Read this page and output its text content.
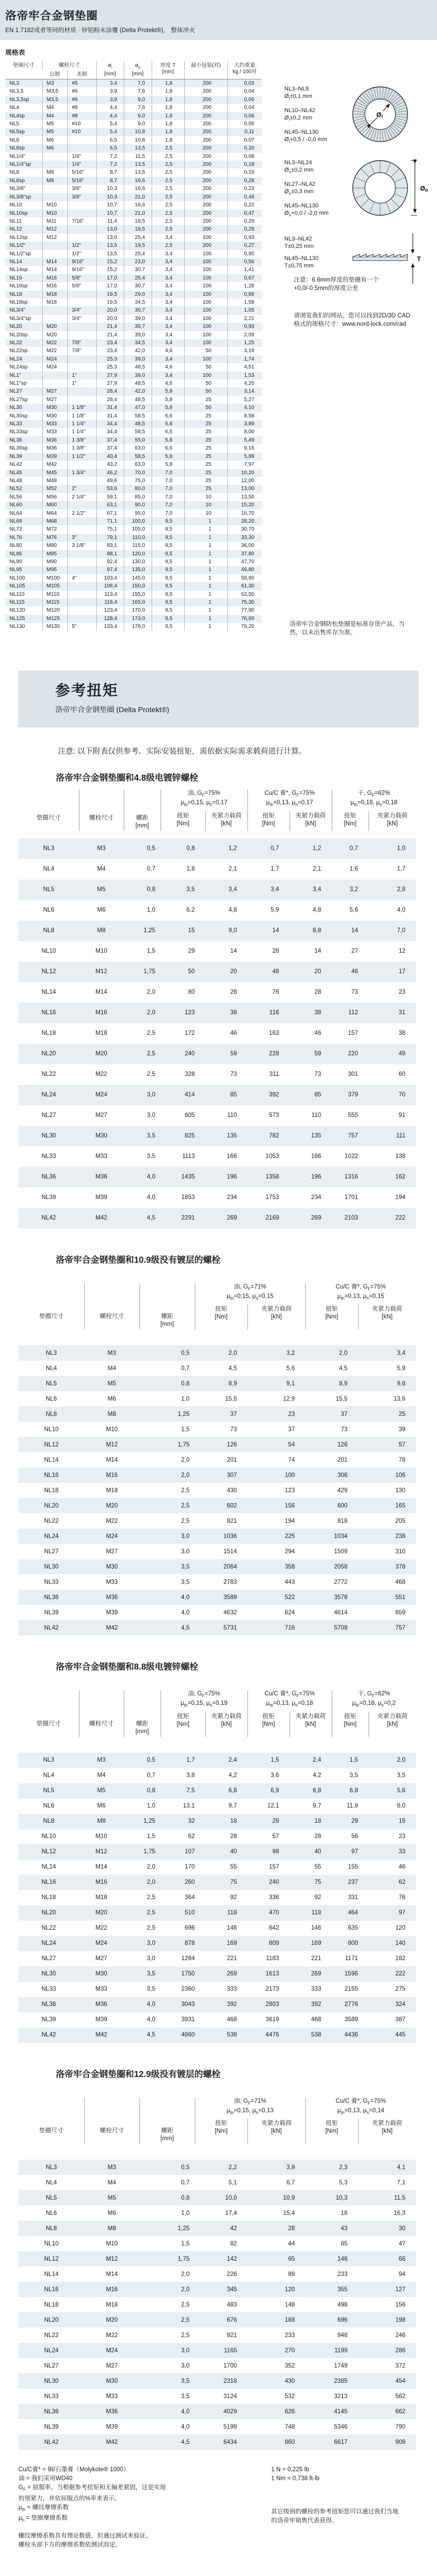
洛帝牢合金钢垫圈

EN 1.7182或者等同的材质 · 锌铝粉末涂覆 (Delta Protekt®)， 整体淬火

规格表
垫圈尺寸	螺栓尺寸	$ø_i$
[mm]

$ø_o$
[mm]

厚度 T
[mm]
	最小包装(对)	大约重量
kg / 100对

	公制	美制					
NL3	M3	#5	3,4	7,0	1,8	200	0,03
NL3,5	M3,5	#6	3,9	7,6	1,8	200	0,04
NL3,5sp	M3,5	#6	3,9	9,0	1,8	200	0,06
NL4	M4	#8	4,4	7,6	1,8	200	0,04
NL4sp	M4	#8	4,4	9,0	1,8	200	0,06
NL5	M5	#10	5,4	9,0	1,8	200	0,05
NL5sp	M5	#10	5,4	10,8	1,8	200	0,11
NL6	M6		6,5	10,8	1,8	200	0,07
NL6sp	M6		6,5	13,5	2,5	200	0,20
NL1/4"		1/4"	7,2	11,5	2,5	200	0,08
NL1/4"sp		1/4"	7,2	13,5	2,5	200	0,18
NL8	M8	5/16"	8,7	13,5	2,5	200	0,15
NL8sp	M8	5/16"	8,7	16,6	2,5	200	0,28
NL3/8"		3/8"	10,3	16,6	2,5	200	0,23
NL3/8"sp		3/8"	10,3	21,0	2,5	200	0,48
NL10	M10		10,7	16,6	2,5	200	0,22
NL10sp	M10		10,7	21,0	2,5	200	0,47
NL11	M11	7/16"	11,4	18,5	2,5	200	0,29
NL12	M12		13,0	19,5	2,5	200	0,29
NL12sp	M12		13,0	25,4	3,4	100	0,93
NL1/2"		1/2"	13,5	19,5	2,5	200	0,27
NL1/2"sp		1/2"	13,5	25,4	3,4	100	0,90
NL14	M14	9/16"	15,2	23,0	3,4	100	0,56
NL14sp	M14	9/16"	15,2	30,7	3,4	100	1,41
NL16	M16	5/8"	17,0	25,4	3,4	100	0,67
NL16sp	M16	5/8"	17,0	30,7	3,4	100	1,28
NL18	M18		19,5	29,0	3,4	100	0,89
NL18sp	M18		19,5	34,5	3,4	100	1,58
NL3/4"		3/4"	20,0	30,7	3,4	100	1,05
NL3/4"sp		3/4"	20,0	39,0	3,4	100	2,21
NL20	M20		21,4	30,7	3,4	100	0,93
NL20sp	M20		21,4	39,0	3,4	100	2,09
NL22	M22	7/8"	23,4	34,5	3,4	100	1,25
NL22sp	M22	7/8"	23,4	42,0	4,6	50	3,19
NL24	M24		25,3	39,0	3,4	100	1,74
NL24sp	M24		25,3	48,5	4,6	50	4,51
NL1"		1"	27,9	39,0	3,4	100	1,53
NL1"sp		1"	27,9	48,5	4,6	50	4,20
NL27	M27		28,4	42,0	5,8	50	3,14
NL27sp	M27		28,4	48,5	5,8	25	5,27
NL30	M30	1 1/8"	31,4	47,0	5,8	50	4,10
NL30sp	M30	1 1/8"	31,4	58,5	6,6	25	8,58
NL33	M33	1 1/4"	34,4	48,5	5,8	25	3,89
NL33sp	M33	1 1/4"	34,4	58,5	6,6	25	8,00
NL36	M36	1 3/8"	37,4	55,0	5,8	25	5,49
NL36sp	M36	1 3/8"	37,4	63,0	6,6	25	9,15
NL39	M39	1 1/2"	40,4	58,5	5,8	25	5,89
NL42	M42		43,2	63,0	5,8	25	7,97
NL45	M45	1 3/4"	46,2	70,0	7,0	25	10,20
NL48	M48		49,6	75,0	7,0	25	12,00
NL52	M52	2"	53,6	80,0	7,0	25	13,00
NL56	M56	2 1/4"	59,1	85,0	7,0	10	13,50
NL60	M60		63,1	90,0	7,0	10	15,20
NL64	M64	2 1/2"	67,1	95,0	7,0	10	16,70
NL68	M68		71,1	100,0	9,5	1	28,20
NL72	M72		75,1	105,0	9,5	1	30,70
NL76	M76	3"	79,1	110,0	9,5	1	33,30
NL80	M80	3 1/8"	83,1	115,0	9,5	1	36,00
NL85	M85		88,1	120,0	9,5	1	37,80
NL90	M90		92,4	130,0	9,5	1	47,70
NL95	M95		97,4	135,0	9,5	1	49,80
NL100	M100	4"	103,4	145,0	9,5	1	58,90
NL105	M105		108,4	150,0	9,5	1	61,30
NL110	M110		113,4	155,0	9,5	1	63,50
NL115	M115		118,4	165,0	9,5	1	75,30
NL120	M120		123,4	170,0	9,5	1	77,90
NL125	M125		128,4	173,0	9,5	1	76,60
NL130	M130	5"	133,4	178,0	9,5	1	79,20
NL3–NL8
$Ø_i\pm 0,1$ mm
NL10–NL42
$Ø_i\pm 0,2$ mm
NL45–NL130
$Ø_i+0,5 / -0,0$ mm
Øi
NL3–NL24
$Ø_o\pm 0,2$ mm
NL27–NL42
$Ø_o\pm 0,3$ mm
NL45–NL130
$Ø_o+0,0 / -2,0$ mm
Øo
NL3–NL42
T±0,25 mm
NL45–NL130
T±0,75 mm
T
注意：6.6mm厚度的垫圈有一个
+0,0/-0.5mm的厚度公差
请浏览我们的网站，您可以找到2D/3D CAD
格式的规格尺寸：www.nord-lock.com/cad
洛帝牢合金钢防松垫圈是标准存货产品，当
然，以未出售库存为准。
参考扭矩

洛帝牢合金钢垫圈 (Delta Protekt®)

注意: 以下附表仅供参考。实际安装扭矩，需依据实际需求载荷进行计算。
洛帝牢合金钢垫圈和4.8级电镀锌螺栓
垫圈尺寸	螺栓尺寸	螺距
[mm]

油, $G_F=75\%$
$\mu_{th}=0,15$, $\mu_h=0,17$

Cu/C 膏*, $G_F=75\%$
$\mu_{th}=0,13$, $\mu_h=0,17$

干, $G_F=62\%$
$\mu_{th}=0,18$, $\mu_h=0,18$

扭矩
[Nm]

夹紧力载荷
[kN]

扭矩
[Nm]

夹紧力载荷
[kN]

扭矩
[Nm]

夹紧力载荷
[kN]

NL3	M3	0,5	0,8	1,2	0,7	1,2	0,7	1,0
NL4	M4	0,7	1,8	2,1	1,7	2,1	1,6	1,7
NL5	M5	0,8	3,5	3,4	3,4	3,4	3,2	2,8
NL6	M6	1,0	6,2	4,8	5,9	4,8	5,6	4,0
NL8	M8	1,25	15	9,0	14	8,8	14	7,0
NL10	M10	1,5	29	14	28	14	27	12
NL12	M12	1,75	50	20	48	20	46	17
NL14	M14	2,0	80	28	76	28	73	23
NL16	M16	2,0	123	38	116	38	112	31
NL18	M18	2,5	172	46	163	46	157	38
NL20	M20	2,5	240	59	228	59	220	49
NL22	M22	2,5	328	73	311	73	301	60
NL24	M24	3,0	414	85	392	85	379	70
NL27	M27	3,0	605	110	573	110	555	91
NL30	M30	3,5	825	135	782	135	757	111
NL33	M33	3,5	1113	166	1053	166	1022	138
NL36	M36	4,0	1435	196	1358	196	1316	162
NL39	M39	4,0	1853	234	1753	234	1701	194
NL42	M42	4,5	2291	269	2169	269	2103	222
洛帝牢合金钢垫圈和10.9级没有镀层的螺栓
垫圈尺寸	螺栓尺寸	螺距
[mm]

油, $G_F=71\%$
$\mu_{th}=0,15$, $\mu_h=0,15$

Cu/C 膏*, $G_F=75\%$
$\mu_{th}=0,13$, $\mu_h=0,15$

扭矩
[Nm]

夹紧力载荷
[kN]

扭矩
[Nm]

夹紧力载荷
[kN]

NL3	M3	0,5	2,0	3,2	2,0	3,4
NL4	M4	0,7	4,5	5,6	4,5	5,9
NL5	M5	0,8	8,9	9,1	8,9	9,6
NL6	M6	1,0	15,5	12,9	15,5	13,6
NL8	M8	1,25	37	23	37	25
NL10	M10	1,5	73	37	73	39
NL12	M12	1,75	126	54	126	57
NL14	M14	2,0	201	74	201	78
NL16	M16	2,0	307	100	306	106
NL18	M18	2,5	430	123	429	130
NL20	M20	2,5	602	156	600	165
NL22	M22	2,5	821	194	818	205
NL24	M24	3,0	1036	225	1034	238
NL27	M27	3,0	1514	294	1509	310
NL30	M30	3,5	2064	358	2058	378
NL33	M33	3,5	2783	443	2772	468
NL36	M36	4,0	3589	522	3576	551
NL39	M39	4,0	4632	624	4614	659
NL42	M42	4,5	5731	716	5709	757
洛帝牢合金钢垫圈和8.8级电镀锌螺栓
垫圈尺寸	螺栓尺寸	螺距
[mm]

油, $G_F=75\%$
$\mu_{th}=0,15$, $\mu_h=0,19$

Cu/C 膏*, $G_F=75\%$
$\mu_{th}=0,13$, $\mu_h=0,18$

干, $G_F=62\%$
$\mu_{th}=0,18$, $\mu_h=0,2$

扭矩
[Nm]

夹紧力载荷
[kN]

扭矩
[Nm]

夹紧力载荷
[kN]

扭矩
[Nm]

夹紧力载荷
[kN]

NL3	M3	0,5	1,7	2,4	1,5	2,4	1,5	2,0
NL4	M4	0,7	3,8	4,2	3,6	4,2	3,5	3,5
NL5	M5	0,8	7,5	6,8	6,9	6,8	6,8	5,6
NL6	M6	1,0	13,1	9,7	12,1	9,7	11,9	8,0
NL8	M8	1,25	32	18	29	18	29	15
NL10	M10	1,5	62	28	57	28	56	23
NL12	M12	1,75	107	40	98	40	97	33
NL14	M14	2,0	170	55	157	55	155	46
NL16	M16	2,0	260	75	240	75	237	62
NL18	M18	2,5	364	92	336	92	331	76
NL20	M20	2,5	510	118	470	118	464	97
NL22	M22	2,5	696	146	642	146	635	120
NL24	M24	3,0	878	169	809	169	800	140
NL27	M27	3,0	1284	221	1183	221	1171	182
NL30	M30	3,5	1750	269	1613	269	1596	222
NL33	M33	3,5	2360	333	2173	333	2155	275
NL36	M36	4,0	3043	392	2803	392	2776	324
NL39	M39	4,0	3931	468	3619	468	3589	387
NL42	M42	4,5	4860	538	4476	538	4436	445
洛帝牢合金钢垫圈和12.9级没有镀层的螺栓
垫圈尺寸	螺栓尺寸	螺距
[mm]

油, $G_F=71\%$
$\mu_{th}=0,15$, $\mu_h=0,13$

Cu/C 膏*, $G_F=75\%$
$\mu_{th}=0,13$, $\mu_h=0,14$

扭矩
[Nm]

夹紧力载荷
[kN]

扭矩
[Nm]

夹紧力载荷
[kN]

NL3	M3	0,5	2,2	3,9	2,3	4,1
NL4	M4	0,7	5,1	6,7	5,3	7,1
NL5	M5	0,8	10,0	10,9	10,3	11,5
NL6	M6	1,0	17,4	15,4	18	16,3
NL8	M8	1,25	42	28	43	30
NL10	M10	1,5	82	44	85	47
NL12	M12	1,75	142	65	146	68
NL14	M14	2,0	226	89	233	94
NL16	M16	2,0	345	120	355	127
NL18	M18	2,5	483	148	498	156
NL20	M20	2,5	676	188	696	198
NL22	M22	2,5	921	233	948	246
NL24	M24	3,0	1165	270	1199	286
NL27	M27	3,0	1700	352	1749	372
NL30	M30	3,5	2318	430	2385	454
NL33	M33	3,5	3124	532	3213	562
NL36	M36	4,0	4029	626	4145	662
NL39	M39	4,0	5199	748	5346	790
NL42	M42	4,5	6434	860	6617	908
Cu/C膏* = 铜/石墨膏（Molykote® 1000）
油 = 我们采用WD40
$G_F$ = 屈服率。当根据参考扭矩和无偏差紧固，这是实现
的预紧力，并依屈服点的%率来表示。
$\mu_{th}$ = 螺纹摩擦系数
$\mu_h$ = 垫圈摩擦系数
螺纹摩擦系数具有理论数值，但通过测试来验证。
螺栓头部下方的摩擦系数依测试而定。
1 N = 0,225 lb
1 Nm = 0,738 ft-lb
其它级别的螺栓的参考扭矩您可以通过我们当地
的洛帝牢销售代表获得。
